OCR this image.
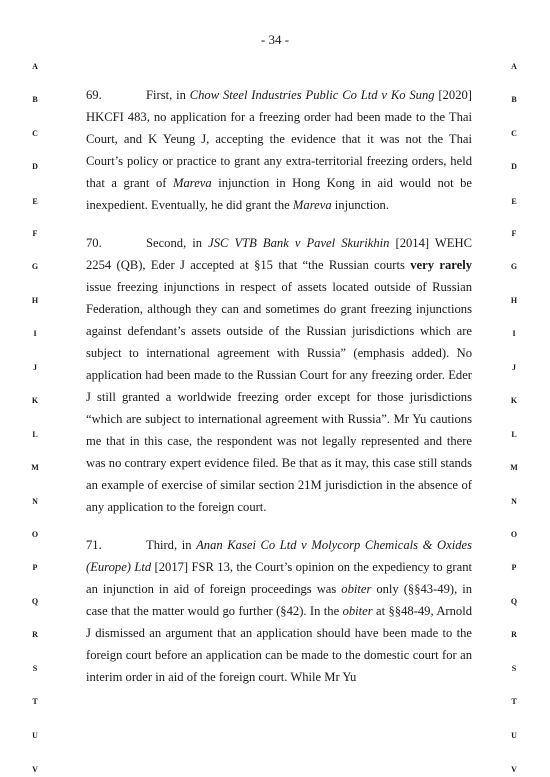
- 34 -
A	A
B	B
C	C
D	D
E	E
F	F
G	G
H	H
I	I
J	J
K	K
L	L
M	M
N	N
O	O
P	P
Q	Q
R	R
S	S
T	T
U	U
V	V

69.	First, in Chow Steel Industries Public Co Ltd v Ko Sung [2020] HKCFI 483, no application for a freezing order had been made to the Thai Court, and K Yeung J, accepting the evidence that it was not the Thai Court’s policy or practice to grant any extra-territorial freezing orders, held that a grant of Mareva injunction in Hong Kong in aid would not be inexpedient. Eventually, he did grant the Mareva injunction.

70.	Second, in JSC VTB Bank v Pavel Skurikhin [2014] WEHC 2254 (QB), Eder J accepted at §15 that “the Russian courts very rarely issue freezing injunctions in respect of assets located outside of Russian Federation, although they can and sometimes do grant freezing injunctions against defendant’s assets outside of the Russian jurisdictions which are subject to international agreement with Russia” (emphasis added). No application had been made to the Russian Court for any freezing order. Eder J still granted a worldwide freezing order except for those jurisdictions “which are subject to international agreement with Russia”. Mr Yu cautions me that in this case, the respondent was not legally represented and there was no contrary expert evidence filed. Be that as it may, this case still stands an example of exercise of similar section 21M jurisdiction in the absence of any application to the foreign court.

71.	Third, in Anan Kasei Co Ltd v Molycorp Chemicals & Oxides (Europe) Ltd [2017] FSR 13, the Court’s opinion on the expediency to grant an injunction in aid of foreign proceedings was obiter only (§§43-49), in case that the matter would go further (§42). In the obiter at §§48-49, Arnold J dismissed an argument that an application should have been made to the foreign court before an application can be made to the domestic court for an interim order in aid of the foreign court. While Mr Yu
